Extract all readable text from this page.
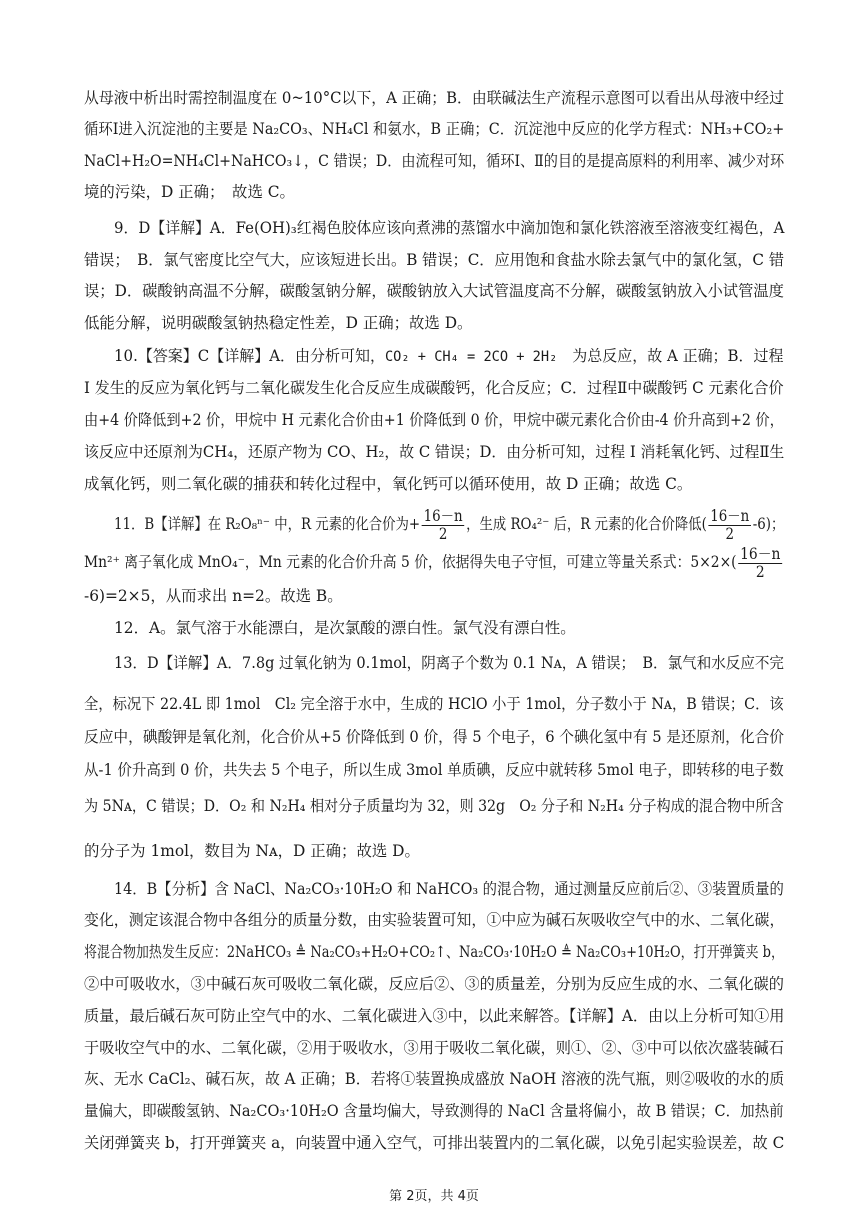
从母液中析出时需控制温度在 0~10°C以下，A 正确；B．由联碱法生产流程示意图可以看出从母液中经过
循环I进入沉淀池的主要是 Na₂CO₃、NH₄Cl 和氨水，B 正确；C．沉淀池中反应的化学方程式：NH₃+CO₂+
NaCl+H₂O=NH₄Cl+NaHCO₃↓，C 错误；D．由流程可知，循环Ⅰ、Ⅱ的目的是提高原料的利用率、减少对环
境的污染，D 正确；　故选 C。
9．D【详解】A．Fe(OH)₃红褐色胶体应该向煮沸的蒸馏水中滴加饱和氯化铁溶液至溶液变红褐色，A
错误；　B．氯气密度比空气大，应该短进长出。B 错误；C．应用饱和食盐水除去氯气中的氯化氢，C 错
误；D．碳酸钠高温不分解，碳酸氢钠分解，碳酸钠放入大试管温度高不分解，碳酸氢钠放入小试管温度
低能分解，说明碳酸氢钠热稳定性差，D 正确；故选 D。
10.【答案】C【详解】A．由分析可知，CO₂ + CH₄ = 2CO + 2H₂　为总反应，故 A 正确；B．过程
I 发生的反应为氧化钙与二氧化碳发生化合反应生成碳酸钙，化合反应；C．过程Ⅱ中碳酸钙 C 元素化合价
由+4 价降低到+2 价，甲烷中 H 元素化合价由+1 价降低到 0 价，甲烷中碳元素化合价由-4 价升高到+2 价，
该反应中还原剂为CH₄，还原产物为 CO、H₂，故 C 错误；D．由分析可知，过程 I 消耗氧化钙、过程Ⅱ生
成氧化钙，则二氧化碳的捕获和转化过程中，氧化钙可以循环使用，故 D 正确；故选 C。
11．B【详解】在 R₂O₈ⁿ⁻ 中，R 元素的化合价为+ $\frac{16-n}{2}$ ，生成 RO₄²⁻ 后，R 元素的化合价降低( $\frac{16-n}{2} -6$)；
Mn²⁺ 离子氧化成 MnO₄⁻，Mn 元素的化合价升高 5 价，依据得失电子守恒，可建立等量关系式：$5\times 2\times( \frac{16-n}{2}$
-6)=2×5，从而求出 n=2。故选 B。
12．A。氯气溶于水能漂白，是次氯酸的漂白性。氯气没有漂白性。
13．D【详解】A．7.8g 过氧化钠为 0.1mol，阴离子个数为 0.1 Nᴀ，A 错误；　B．氯气和水反应不完
全，标况下 22.4L 即 1mol　Cl₂ 完全溶于水中，生成的 HClO 小于 1mol，分子数小于 Nᴀ，B 错误；C．该
反应中，碘酸钾是氧化剂，化合价从+5 价降低到 0 价，得 5 个电子，6 个碘化氢中有 5 是还原剂，化合价
从-1 价升高到 0 价，共失去 5 个电子，所以生成 3mol 单质碘，反应中就转移 5mol 电子，即转移的电子数
为 5Nᴀ，C 错误；D．O₂ 和 N₂H₄ 相对分子质量均为 32，则 32g　O₂ 分子和 N₂H₄ 分子构成的混合物中所含
的分子为 1mol，数目为 Nᴀ，D 正确；故选 D。
14．B【分析】含 NaCl、Na₂CO₃·10H₂O 和 NaHCO₃ 的混合物，通过测量反应前后②、③装置质量的
变化，测定该混合物中各组分的质量分数，由实验装置可知，①中应为碱石灰吸收空气中的水、二氧化碳，
将混合物加热发生反应：2NaHCO₃ ≜ Na₂CO₃+H₂O+CO₂↑、Na₂CO₃·10H₂O ≜ Na₂CO₃+10H₂O，打开弹簧夹 b，
②中可吸收水，③中碱石灰可吸收二氧化碳，反应后②、③的质量差，分别为反应生成的水、二氧化碳的
质量，最后碱石灰可防止空气中的水、二氧化碳进入③中，以此来解答。【详解】A．由以上分析可知①用
于吸收空气中的水、二氧化碳，②用于吸收水，③用于吸收二氧化碳，则①、②、③中可以依次盛装碱石
灰、无水 CaCl₂、碱石灰，故 A 正确；B．若将①装置换成盛放 NaOH 溶液的洗气瓶，则②吸收的水的质
量偏大，即碳酸氢钠、Na₂CO₃·10H₂O 含量均偏大，导致测得的 NaCl 含量将偏小，故 B 错误；C．加热前
关闭弹簧夹 b，打开弹簧夹 a，向装置中通入空气，可排出装置内的二氧化碳，以免引起实验误差，故 C
第 2页，共 4页
